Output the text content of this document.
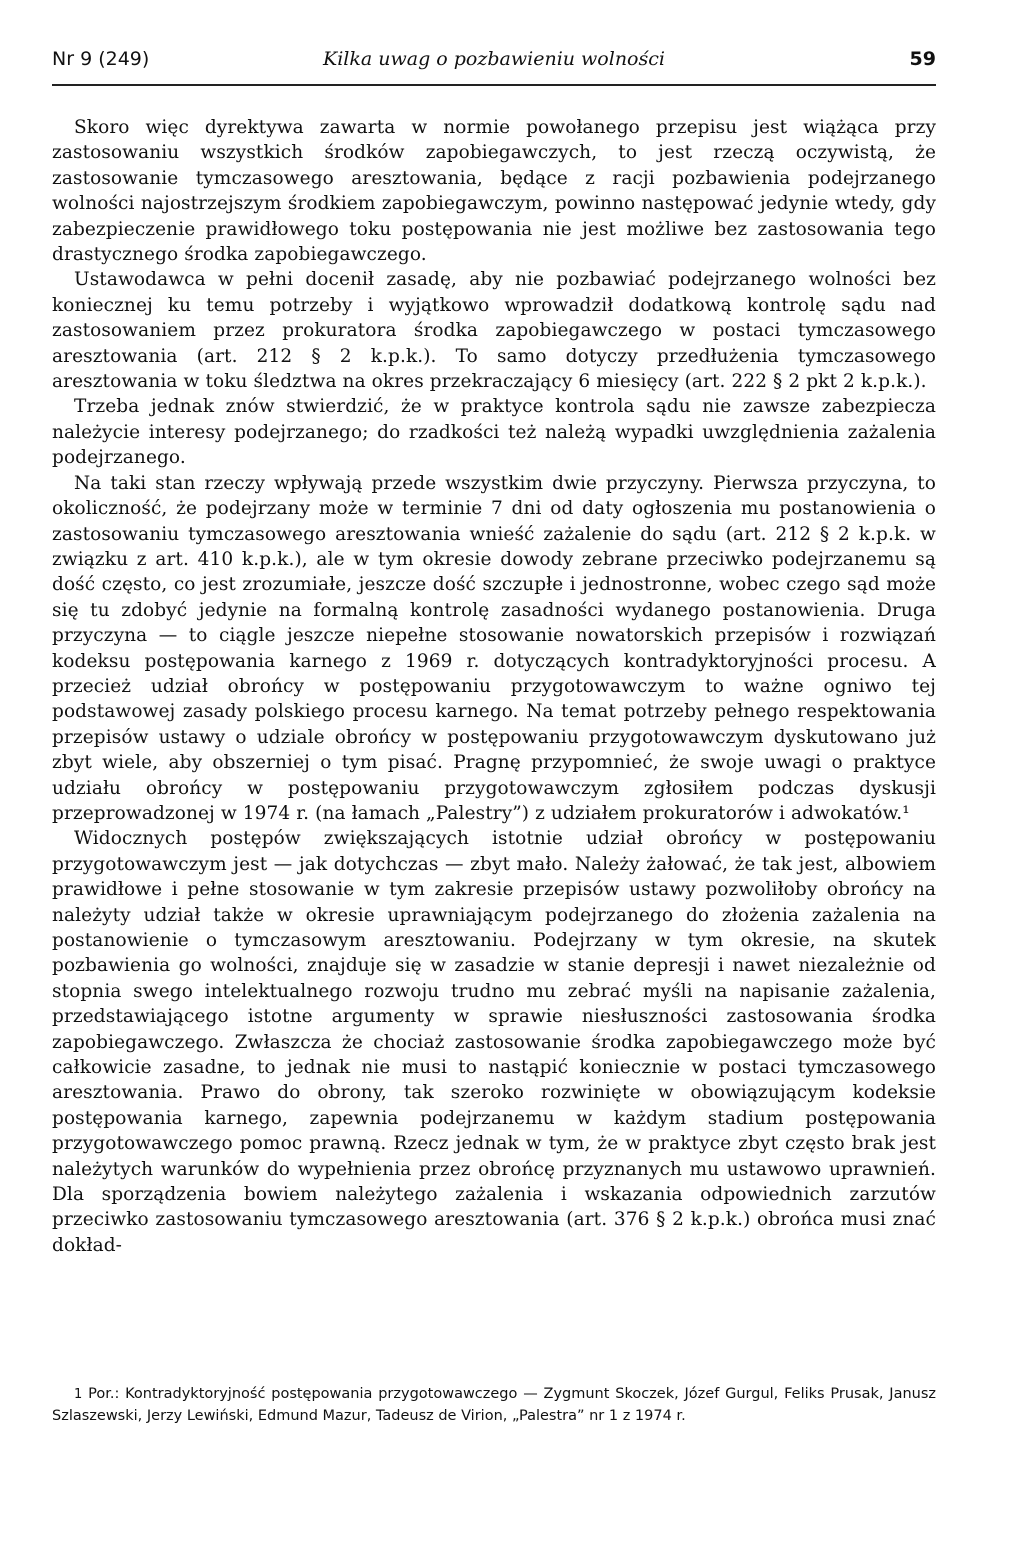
Nr 9 (249)	Kilka uwag o pozbawieniu wolności	59

Skoro więc dyrektywa zawarta w normie powołanego przepisu jest wiążąca przy zastosowaniu wszystkich środków zapobiegawczych, to jest rzeczą oczywistą, że zastosowanie tymczasowego aresztowania, będące z racji pozbawienia podejrzanego wolności najostrzejszym środkiem zapobiegawczym, powinno następować jedynie wtedy, gdy zabezpieczenie prawidłowego toku postępowania nie jest możliwe bez zastosowania tego drastycznego środka zapobiegawczego.

Ustawodawca w pełni docenił zasadę, aby nie pozbawiać podejrzanego wolności bez koniecznej ku temu potrzeby i wyjątkowo wprowadził dodatkową kontrolę sądu nad zastosowaniem przez prokuratora środka zapobiegawczego w postaci tymczasowego aresztowania (art. 212 § 2 k.p.k.). To samo dotyczy przedłużenia tymczasowego aresztowania w toku śledztwa na okres przekraczający 6 miesięcy (art. 222 § 2 pkt 2 k.p.k.).

Trzeba jednak znów stwierdzić, że w praktyce kontrola sądu nie zawsze zabezpiecza należycie interesy podejrzanego; do rzadkości też należą wypadki uwzględnienia zażalenia podejrzanego.

Na taki stan rzeczy wpływają przede wszystkim dwie przyczyny. Pierwsza przyczyna, to okoliczność, że podejrzany może w terminie 7 dni od daty ogłoszenia mu postanowienia o zastosowaniu tymczasowego aresztowania wnieść zażalenie do sądu (art. 212 § 2 k.p.k. w związku z art. 410 k.p.k.), ale w tym okresie dowody zebrane przeciwko podejrzanemu są dość często, co jest zrozumiałe, jeszcze dość szczupłe i jednostronne, wobec czego sąd może się tu zdobyć jedynie na formalną kontrolę zasadności wydanego postanowienia. Druga przyczyna — to ciągle jeszcze niepełne stosowanie nowatorskich przepisów i rozwiązań kodeksu postępowania karnego z 1969 r. dotyczących kontradyktoryjności procesu. A przecież udział obrońcy w postępowaniu przygotowawczym to ważne ogniwo tej podstawowej zasady polskiego procesu karnego. Na temat potrzeby pełnego respektowania przepisów ustawy o udziale obrońcy w postępowaniu przygotowawczym dyskutowano już zbyt wiele, aby obszerniej o tym pisać. Pragnę przypomnieć, że swoje uwagi o praktyce udziału obrońcy w postępowaniu przygotowawczym zgłosiłem podczas dyskusji przeprowadzonej w 1974 r. (na łamach „Palestry”) z udziałem prokuratorów i adwokatów.¹

Widocznych postępów zwiększających istotnie udział obrońcy w postępowaniu przygotowawczym jest — jak dotychczas — zbyt mało. Należy żałować, że tak jest, albowiem prawidłowe i pełne stosowanie w tym zakresie przepisów ustawy pozwoliłoby obrońcy na należyty udział także w okresie uprawniającym podejrzanego do złożenia zażalenia na postanowienie o tymczasowym aresztowaniu. Podejrzany w tym okresie, na skutek pozbawienia go wolności, znajduje się w zasadzie w stanie depresji i nawet niezależnie od stopnia swego intelektualnego rozwoju trudno mu zebrać myśli na napisanie zażalenia, przedstawiającego istotne argumenty w sprawie niesłuszności zastosowania środka zapobiegawczego. Zwłaszcza że chociaż zastosowanie środka zapobiegawczego może być całkowicie zasadne, to jednak nie musi to nastąpić koniecznie w postaci tymczasowego aresztowania. Prawo do obrony, tak szeroko rozwinięte w obowiązującym kodeksie postępowania karnego, zapewnia podejrzanemu w każdym stadium postępowania przygotowawczego pomoc prawną. Rzecz jednak w tym, że w praktyce zbyt często brak jest należytych warunków do wypełnienia przez obrońcę przyznanych mu ustawowo uprawnień. Dla sporządzenia bowiem należytego zażalenia i wskazania odpowiednich zarzutów przeciwko zastosowaniu tymczasowego aresztowania (art. 376 § 2 k.p.k.) obrońca musi znać dokład-

1 Por.: Kontradyktoryjność postępowania przygotowawczego — Zygmunt Skoczek, Józef Gurgul, Feliks Prusak, Janusz Szlaszewski, Jerzy Lewiński, Edmund Mazur, Tadeusz de Virion, „Palestra” nr 1 z 1974 r.
